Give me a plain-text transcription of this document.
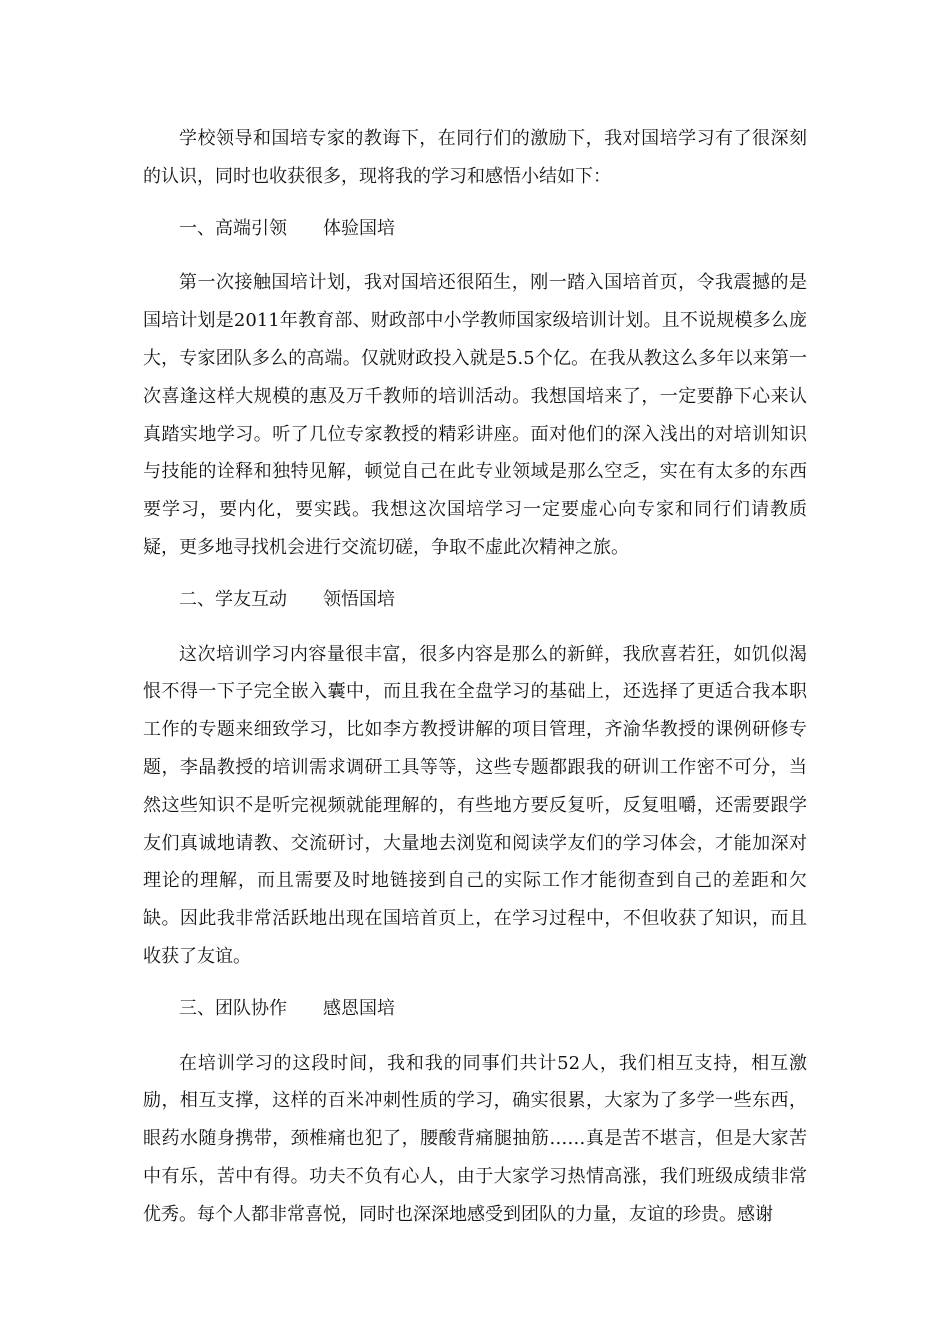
学校领导和国培专家的教诲下，在同行们的激励下，我对国培学习有了很深刻的认识，同时也收获很多，现将我的学习和感悟小结如下：

一、高端引领 体验国培

第一次接触国培计划，我对国培还很陌生，刚一踏入国培首页，令我震撼的是国培计划是2011年教育部、财政部中小学教师国家级培训计划。且不说规模多么庞大，专家团队多么的高端。仅就财政投入就是5.5个亿。在我从教这么多年以来第一次喜逢这样大规模的惠及万千教师的培训活动。我想国培来了，一定要静下心来认真踏实地学习。听了几位专家教授的精彩讲座。面对他们的深入浅出的对培训知识与技能的诠释和独特见解，顿觉自己在此专业领域是那么空乏，实在有太多的东西要学习，要内化，要实践。我想这次国培学习一定要虚心向专家和同行们请教质疑，更多地寻找机会进行交流切磋，争取不虚此次精神之旅。

二、学友互动 领悟国培

这次培训学习内容量很丰富，很多内容是那么的新鲜，我欣喜若狂，如饥似渴恨不得一下子完全嵌入囊中，而且我在全盘学习的基础上，还选择了更适合我本职工作的专题来细致学习，比如李方教授讲解的项目管理，齐渝华教授的课例研修专题，李晶教授的培训需求调研工具等等，这些专题都跟我的研训工作密不可分，当然这些知识不是听完视频就能理解的，有些地方要反复听，反复咀嚼，还需要跟学友们真诚地请教、交流研讨，大量地去浏览和阅读学友们的学习体会，才能加深对理论的理解，而且需要及时地链接到自己的实际工作才能彻查到自己的差距和欠缺。因此我非常活跃地出现在国培首页上，在学习过程中，不但收获了知识，而且收获了友谊。

三、团队协作 感恩国培

在培训学习的这段时间，我和我的同事们共计52人，我们相互支持，相互激励，相互支撑，这样的百米冲刺性质的学习，确实很累，大家为了多学一些东西，眼药水随身携带，颈椎痛也犯了，腰酸背痛腿抽筋……真是苦不堪言，但是大家苦中有乐，苦中有得。功夫不负有心人，由于大家学习热情高涨，我们班级成绩非常优秀。每个人都非常喜悦，同时也深深地感受到团队的力量，友谊的珍贵。感谢
